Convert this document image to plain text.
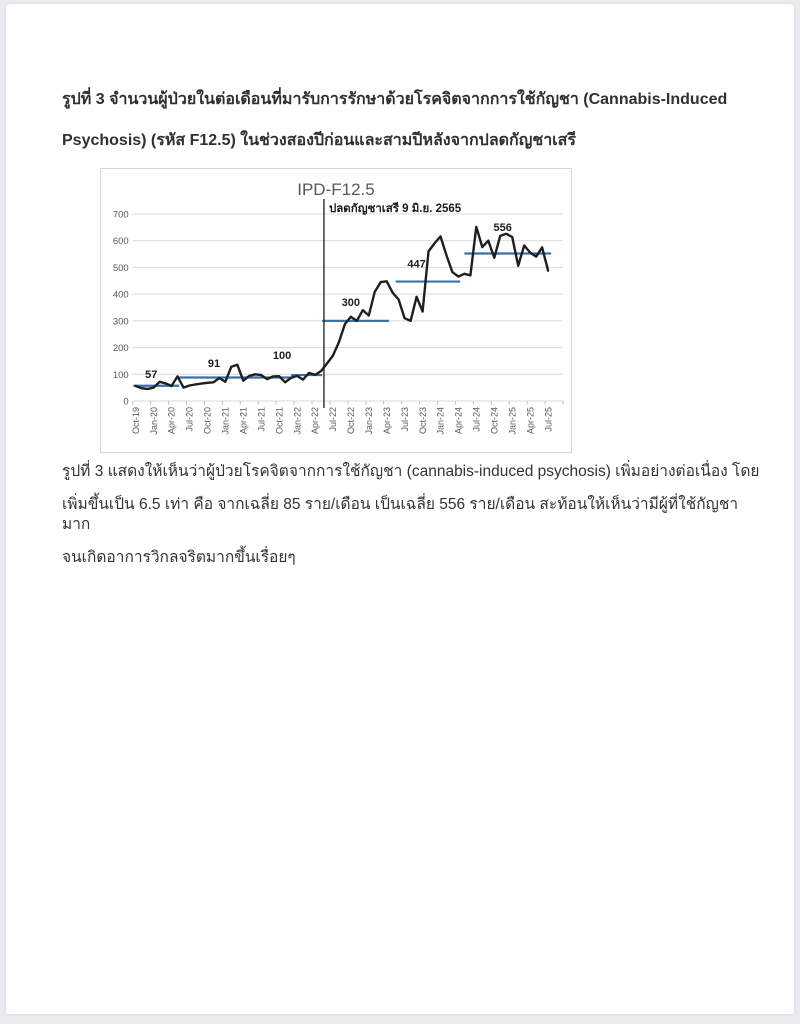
รูปที่ 3 จำนวนผู้ป่วยในต่อเดือนที่มารับการรักษาด้วยโรคจิตจากการใช้กัญชา (Cannabis-Induced
Psychosis) (รหัส F12.5) ในช่วงสองปีก่อนและสามปีหลังจากปลดกัญชาเสรี
0
100
200
300
400
500
600
700
Oct-19 Jan-20 Apr-20 Jul-20 Oct-20 Jan-21 Apr-21 Jul-21 Oct-21 Jan-22 Apr-22 Jul-22 Oct-22 Jan-23 Apr-23 Jul-23 Oct-23 Jan-24 Apr-24 Jul-24 Oct-24 Jan-25 Apr-25 Jul-25
57
91
100
300
447
556
IPD-F12.5
ปลดกัญชาเสรี 9 มิ.ย. 2565
รูปที่ 3 แสดงให้เห็นว่าผู้ป่วยโรคจิตจากการใช้กัญชา (cannabis-induced psychosis) เพิ่มอย่างต่อเนื่อง โดย
เพิ่มขึ้นเป็น 6.5 เท่า คือ จากเฉลี่ย 85 ราย/เดือน เป็นเฉลี่ย 556 ราย/เดือน สะท้อนให้เห็นว่ามีผู้ที่ใช้กัญชามาก
จนเกิดอาการวิกลจริตมากขึ้นเรื่อยๆ
